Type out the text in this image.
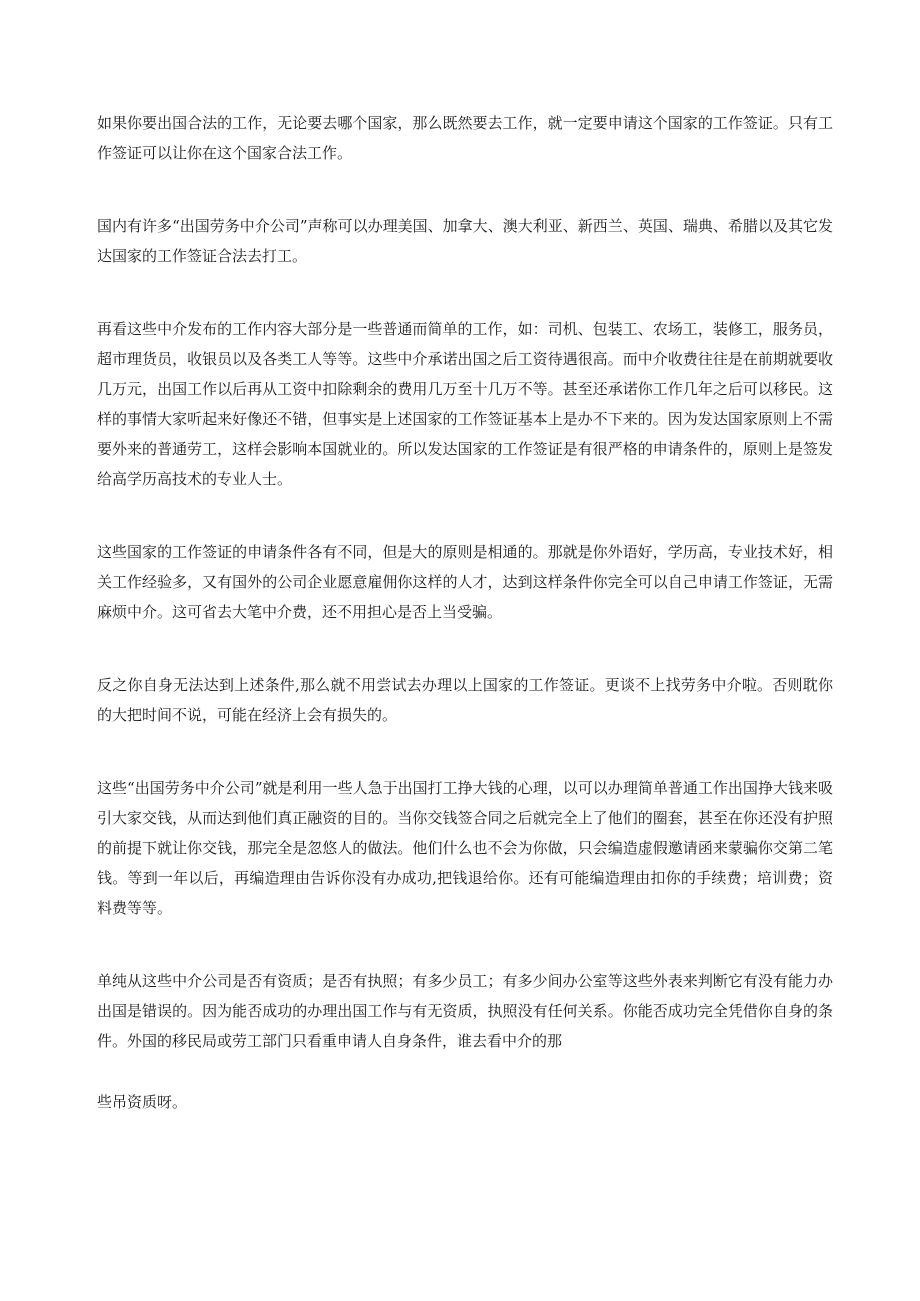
如果你要出国合法的工作，无论要去哪个国家，那么既然要去工作，就一定要申请这个国家的工作签证。只有工作签证可以让你在这个国家合法工作。

国内有许多“出国劳务中介公司”声称可以办理美国、加拿大、澳大利亚、新西兰、英国、瑞典、希腊以及其它发达国家的工作签证合法去打工。

再看这些中介发布的工作内容大部分是一些普通而简单的工作，如：司机、包装工、农场工，装修工，服务员，超市理货员，收银员以及各类工人等等。这些中介承诺出国之后工资待遇很高。而中介收费往往是在前期就要收几万元，出国工作以后再从工资中扣除剩余的费用几万至十几万不等。甚至还承诺你工作几年之后可以移民。这样的事情大家听起来好像还不错，但事实是上述国家的工作签证基本上是办不下来的。因为发达国家原则上不需要外来的普通劳工，这样会影响本国就业的。所以发达国家的工作签证是有很严格的申请条件的，原则上是签发给高学历高技术的专业人士。

这些国家的工作签证的申请条件各有不同，但是大的原则是相通的。那就是你外语好，学历高，专业技术好，相关工作经验多，又有国外的公司企业愿意雇佣你这样的人才，达到这样条件你完全可以自己申请工作签证，无需麻烦中介。这可省去大笔中介费，还不用担心是否上当受骗。

反之你自身无法达到上述条件,那么就不用尝试去办理以上国家的工作签证。更谈不上找劳务中介啦。否则耽你的大把时间不说，可能在经济上会有损失的。

这些“出国劳务中介公司”就是利用一些人急于出国打工挣大钱的心理，以可以办理简单普通工作出国挣大钱来吸引大家交钱，从而达到他们真正融资的目的。当你交钱签合同之后就完全上了他们的圈套，甚至在你还没有护照的前提下就让你交钱，那完全是忽悠人的做法。他们什么也不会为你做，只会编造虚假邀请函来蒙骗你交第二笔钱。等到一年以后，再编造理由告诉你没有办成功,把钱退给你。还有可能编造理由扣你的手续费；培训费；资料费等等。

单纯从这些中介公司是否有资质；是否有执照；有多少员工；有多少间办公室等这些外表来判断它有没有能力办出国是错误的。因为能否成功的办理出国工作与有无资质，执照没有任何关系。你能否成功完全凭借你自身的条件。外国的移民局或劳工部门只看重申请人自身条件，谁去看中介的那

些吊资质呀。
